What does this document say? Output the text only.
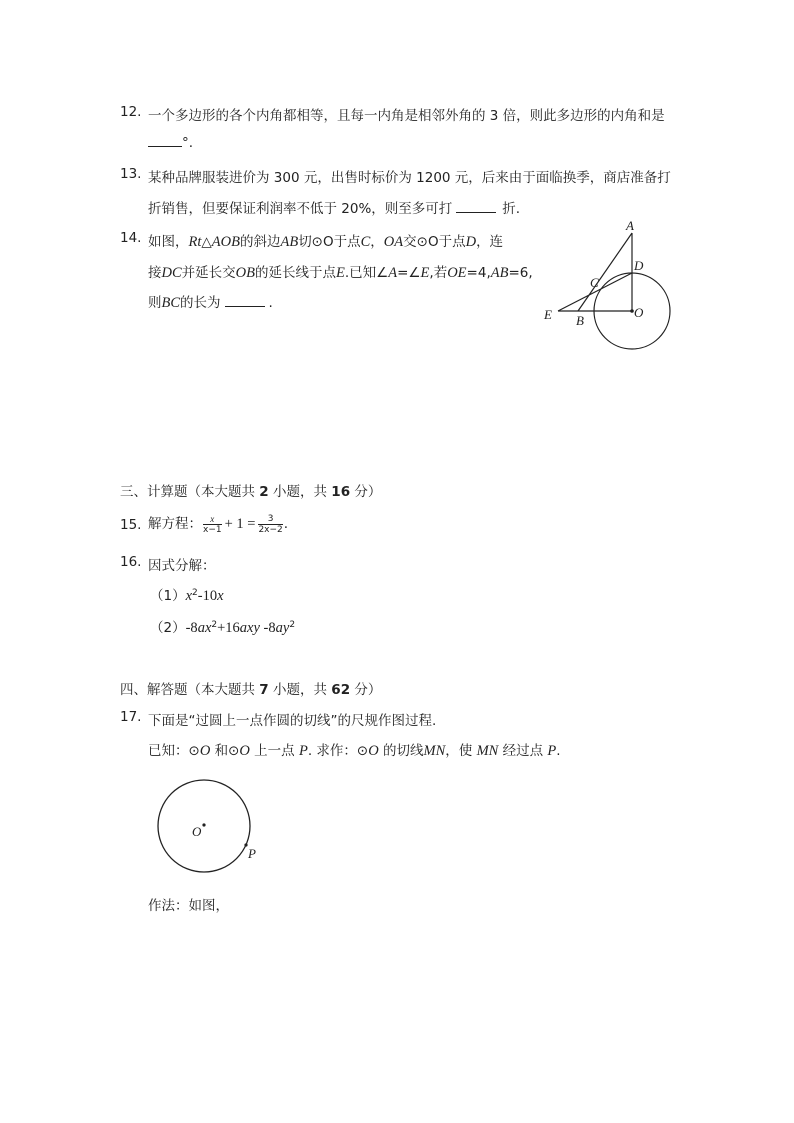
12. 一个多边形的各个内角都相等，且每一内角是相邻外角的 3 倍，则此多边形的内角和是
°.
13. 某种品牌服装进价为 300 元，出售时标价为 1200 元，后来由于面临换季，商店准备打
折销售，但要保证利润率不低于 20%，则至多可打	折.
14. 如图，Rt△AOB的斜边AB切⊙O于点C，OA交⊙O于点D，连
接DC并延长交OB的延长线于点E.已知∠A=∠E,若OE=4,AB=6,
则BC的长为	.
A
D
C
E B
O
三、计算题（本大题共 2 小题，共 16 分）
15. 解方程： $\frac{x}{x-1} + 1 = \frac{3}{2x-2}$ .
16. 因式分解：
$(1)x^2-10x$
$(2)-8ax^2+16axy$ $-8ay^2$
四、解答题（本大题共 7 小题，共 62 分）
17. 下面是“过圆上一点作圆的切线”的尺规作图过程.
已知：⊙O 和⊙O 上一点 P. 求作：⊙O 的切线MN，使 MN 经过点 P.
O
P
作法：如图，
